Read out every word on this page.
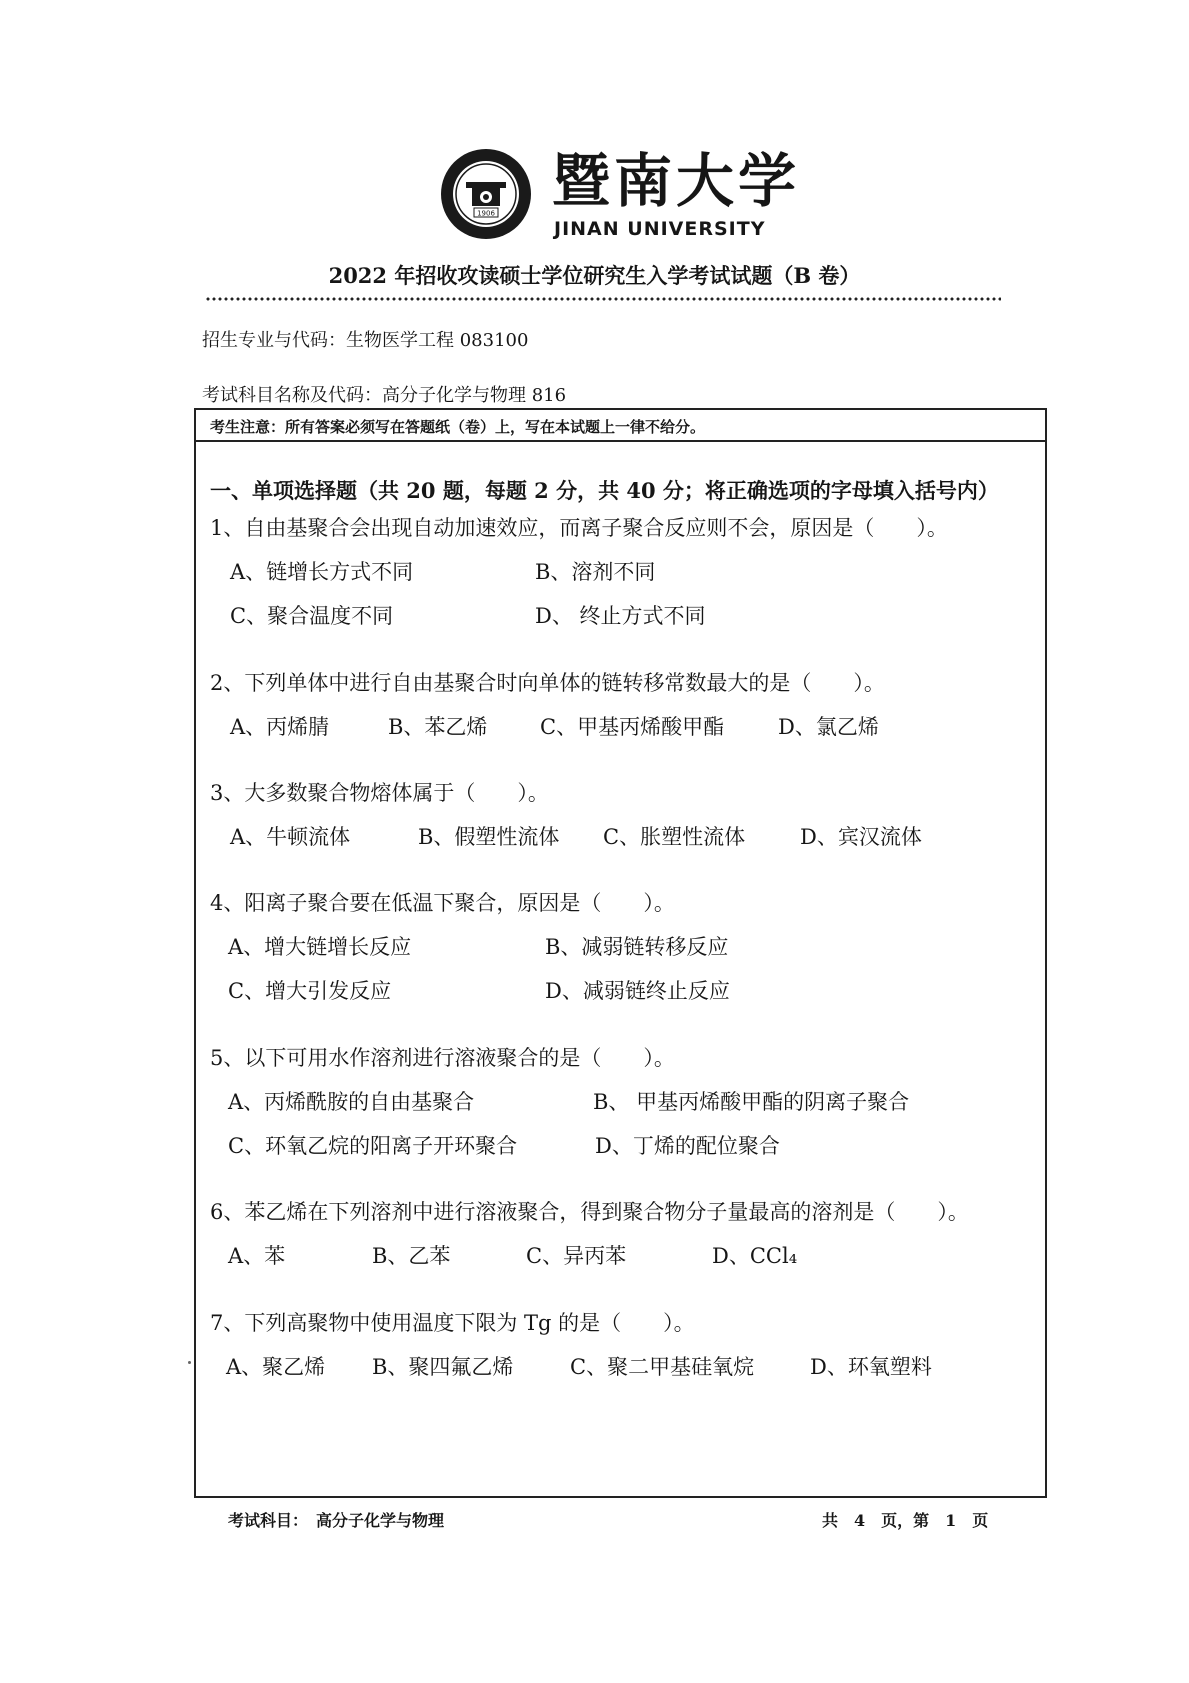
1906 暨南大学
JINAN UNIVERSITY
2022 年招收攻读硕士学位研究生入学考试试题（B 卷）
招生专业与代码：生物医学工程 083100
考试科目名称及代码：高分子化学与物理 816
考生注意：所有答案必须写在答题纸（卷）上，写在本试题上一律不给分。
一、单项选择题（共 20 题，每题 2 分，共 40 分；将正确选项的字母填入括号内）
1、自由基聚合会出现自动加速效应，而离子聚合反应则不会，原因是（　　）。
A、链增长方式不同	B、溶剂不同
C、聚合温度不同	D、 终止方式不同
2、下列单体中进行自由基聚合时向单体的链转移常数最大的是（　　）。
A、丙烯腈	B、苯乙烯	C、甲基丙烯酸甲酯	D、氯乙烯
3、大多数聚合物熔体属于（　　）。
A、牛顿流体	B、假塑性流体 C、胀塑性流体	D、宾汉流体
4、阳离子聚合要在低温下聚合，原因是（　　）。
A、增大链增长反应	B、减弱链转移反应
C、增大引发反应	D、减弱链终止反应
5、以下可用水作溶剂进行溶液聚合的是（　　）。
A、丙烯酰胺的自由基聚合	B、 甲基丙烯酸甲酯的阴离子聚合
C、环氧乙烷的阳离子开环聚合	D、丁烯的配位聚合
6、苯乙烯在下列溶剂中进行溶液聚合，得到聚合物分子量最高的溶剂是（　　）。
A、苯	B、乙苯	C、异丙苯	D、CCl₄
7、下列高聚物中使用温度下限为 Tg 的是（　　）。
A、聚乙烯 B、聚四氟乙烯	C、聚二甲基硅氧烷	D、环氧塑料
考试科目：　高分子化学与物理	共　4　页，第　1　页
